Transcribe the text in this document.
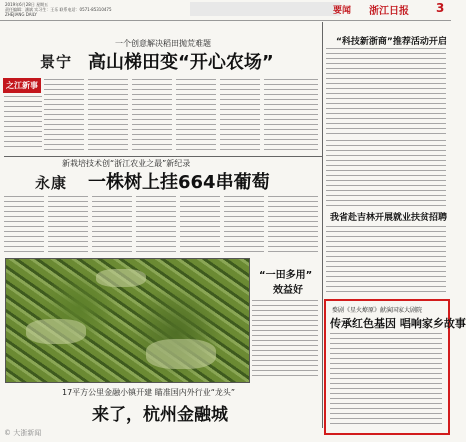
2019年6月28日 星期五
责任编辑：潘斌 实习生：王乐 联系电话：0571-85310475
ZHEJIANG DAILY	要闻 浙江日报 3
一个创意解决稻田抛荒难题
景宁 高山梯田变“开心农场”
之江新事
新栽培技术创“浙江农业之最”新纪录
永康 一株树上挂664串葡萄
“一田多用”
效益好
17平方公里金融小镇开建 瞄准国内外行业“龙头”
来了，杭州金融城
“科技新浙商”推荐活动开启
我省赴吉林开展就业扶贫招聘
婺剧《星火燎原》献演国家大剧院
传承红色基因 唱响家乡故事
© 大浙新闻
